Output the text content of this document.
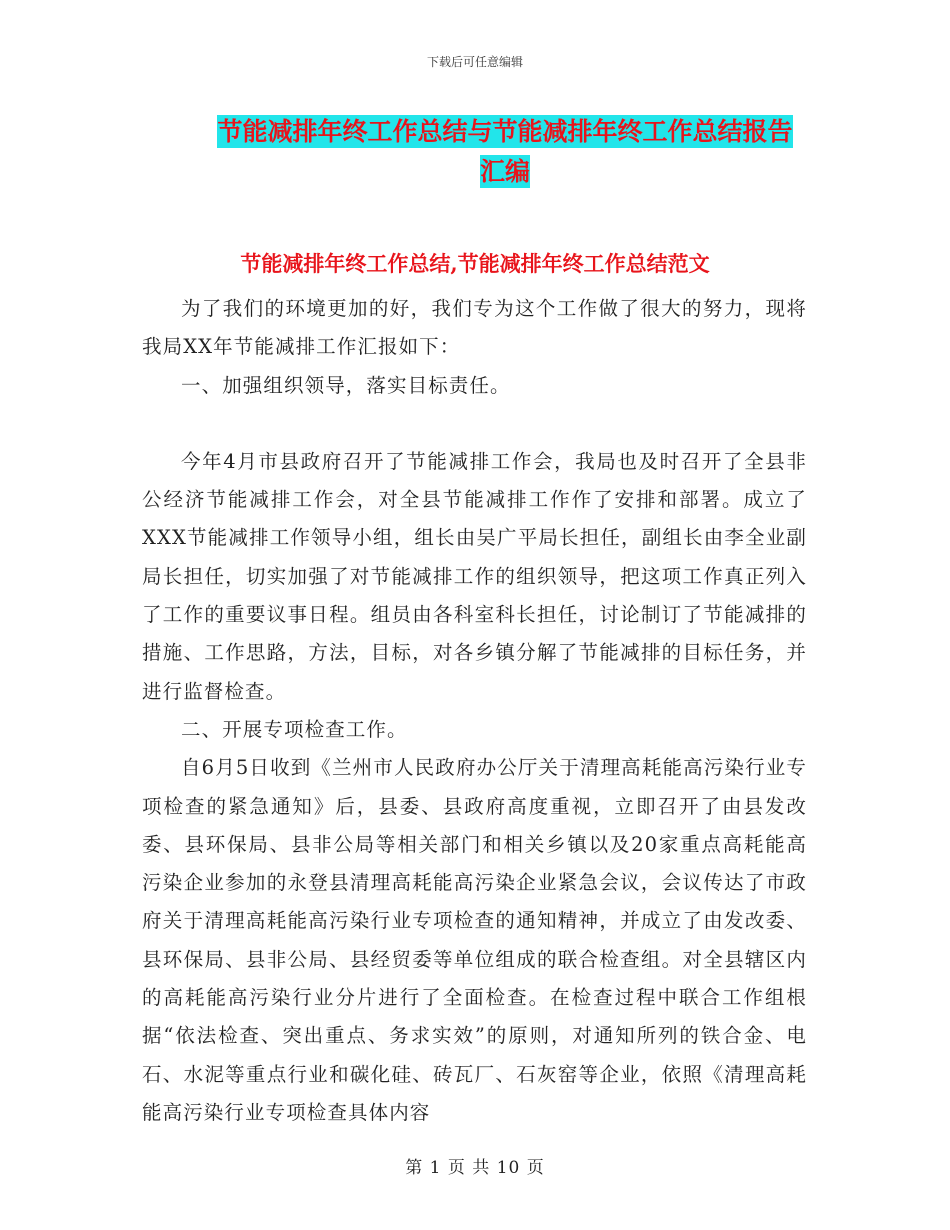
下载后可任意编辑
节能减排年终工作总结与节能减排年终工作总结报告
汇编
节能减排年终工作总结,节能减排年终工作总结范文

为了我们的环境更加的好，我们专为这个工作做了很大的努力，现将我局XX年节能减排工作汇报如下：

一、加强组织领导，落实目标责任。

今年4月市县政府召开了节能减排工作会，我局也及时召开了全县非公经济节能减排工作会，对全县节能减排工作作了安排和部署。成立了XXX节能减排工作领导小组，组长由吴广平局长担任，副组长由李全业副局长担任，切实加强了对节能减排工作的组织领导，把这项工作真正列入了工作的重要议事日程。组员由各科室科长担任，讨论制订了节能减排的措施、工作思路，方法，目标，对各乡镇分解了节能减排的目标任务，并进行监督检查。

二、开展专项检查工作。

自6月5日收到《兰州市人民政府办公厅关于清理高耗能高污染行业专项检查的紧急通知》后，县委、县政府高度重视，立即召开了由县发改委、县环保局、县非公局等相关部门和相关乡镇以及20家重点高耗能高污染企业参加的永登县清理高耗能高污染企业紧急会议，会议传达了市政府关于清理高耗能高污染行业专项检查的通知精神，并成立了由发改委、县环保局、县非公局、县经贸委等单位组成的联合检查组。对全县辖区内的高耗能高污染行业分片进行了全面检查。在检查过程中联合工作组根据“依法检查、突出重点、务求实效”的原则，对通知所列的铁合金、电石、水泥等重点行业和碳化硅、砖瓦厂、石灰窑等企业，依照《清理高耗能高污染行业专项检查具体内容

第 1 页 共 10 页
